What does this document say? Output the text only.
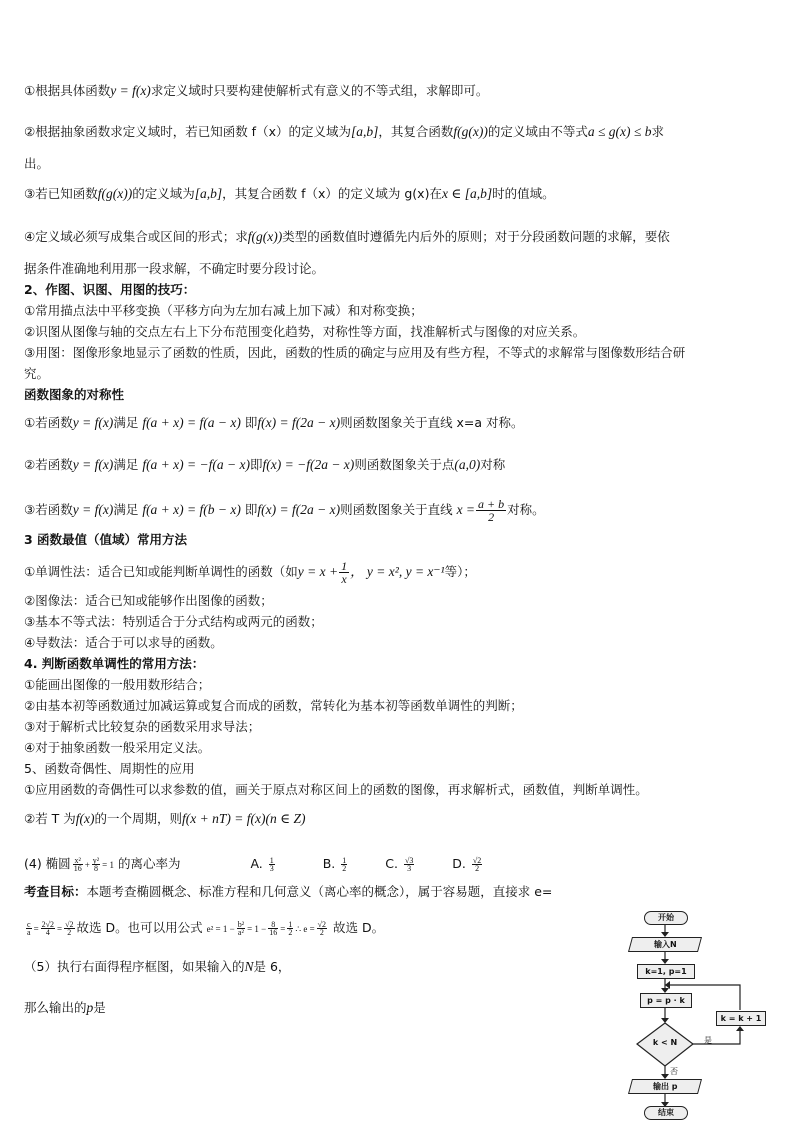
①根据具体函数y = f(x)求定义域时只要构建使解析式有意义的不等式组，求解即可。
②根据抽象函数求定义域时，若已知函数 f（x）的定义域为[a,b]，其复合函数f(g(x))的定义域由不等式a ≤ g(x) ≤ b求
出。
③若已知函数f(g(x))的定义域为[a,b]，其复合函数 f（x）的定义域为 g(x)在x ∈ [a,b]时的值域。
④定义域必须写成集合或区间的形式；求f(g(x))类型的函数值时遵循先内后外的原则；对于分段函数问题的求解，要依
据条件准确地利用那一段求解，不确定时要分段讨论。
2、作图、识图、用图的技巧：
①常用描点法中平移变换（平移方向为左加右减上加下减）和对称变换；
②识图从图像与轴的交点左右上下分布范围变化趋势，对称性等方面，找准解析式与图像的对应关系。
③用图：图像形象地显示了函数的性质，因此，函数的性质的确定与应用及有些方程，不等式的求解常与图像数形结合研
究。
函数图象的对称性
①若函数y = f(x)满足 f(a + x) = f(a − x) 即f(x) = f(2a − x)则函数图象关于直线 x=a 对称。
②若函数y = f(x)满足 f(a + x) = −f(a − x)即f(x) = −f(2a − x)则函数图象关于点(a,0)对称
③若函数y = f(x)满足 f(a + x) = f(b − x) 即f(x) = f(2a − x)则函数图象关于直线 $x = \frac{a + b}{2}$ 对称。
3 函数最值（值域）常用方法
①单调性法：适合已知或能判断单调性的函数（如$y = x + \frac{1}{x}$ ， y = x², y = x⁻¹等）；
②图像法：适合已知或能够作出图像的函数；
③基本不等式法：特别适合于分式结构或两元的函数；
④导数法：适合于可以求导的函数。
4. 判断函数单调性的常用方法：
①能画出图像的一般用数形结合；
②由基本初等函数通过加减运算或复合而成的函数，常转化为基本初等函数单调性的判断；
③对于解析式比较复杂的函数采用求导法；
④对于抽象函数一般采用定义法。
5、函数奇偶性、周期性的应用
①应用函数的奇偶性可以求参数的值，画关于原点对称区间上的函数的图像，再求解析式，函数值，判断单调性。
②若 T 为f(x)的一个周期，则f(x + nT) = f(x)(n ∈ Z)
(4) 椭圆 $\frac{\text{x²}}{16} + \frac{\text{y²}}{8} = 1$ 的离心率为	A. $\frac{1}{3}$	B. $\frac{1}{2}$	C. $\frac{√3}{3}$	D. $\frac{√2}{2}$
考查目标：本题考查椭圆概念、标准方程和几何意义（离心率的概念），属于容易题，直接求 e=
$\frac{c}{a} = \frac{2√2}{4} = \frac{√2}{2}$ 故选 D。也可以用公式 $e^2 = 1 - \frac{\text{b²}}{\text{a²}} = 1 - \frac{8}{16} = \frac{1}{2}$ ∴ $e = \frac{√2}{2}$ 故选 D。
（5）执行右面得程序框图，如果输入的N是 6，
那么输出的p是
开始
输入N
k=1, p=1
p = p · k
k < N	是
否
k = k + 1
输出 p
结束
